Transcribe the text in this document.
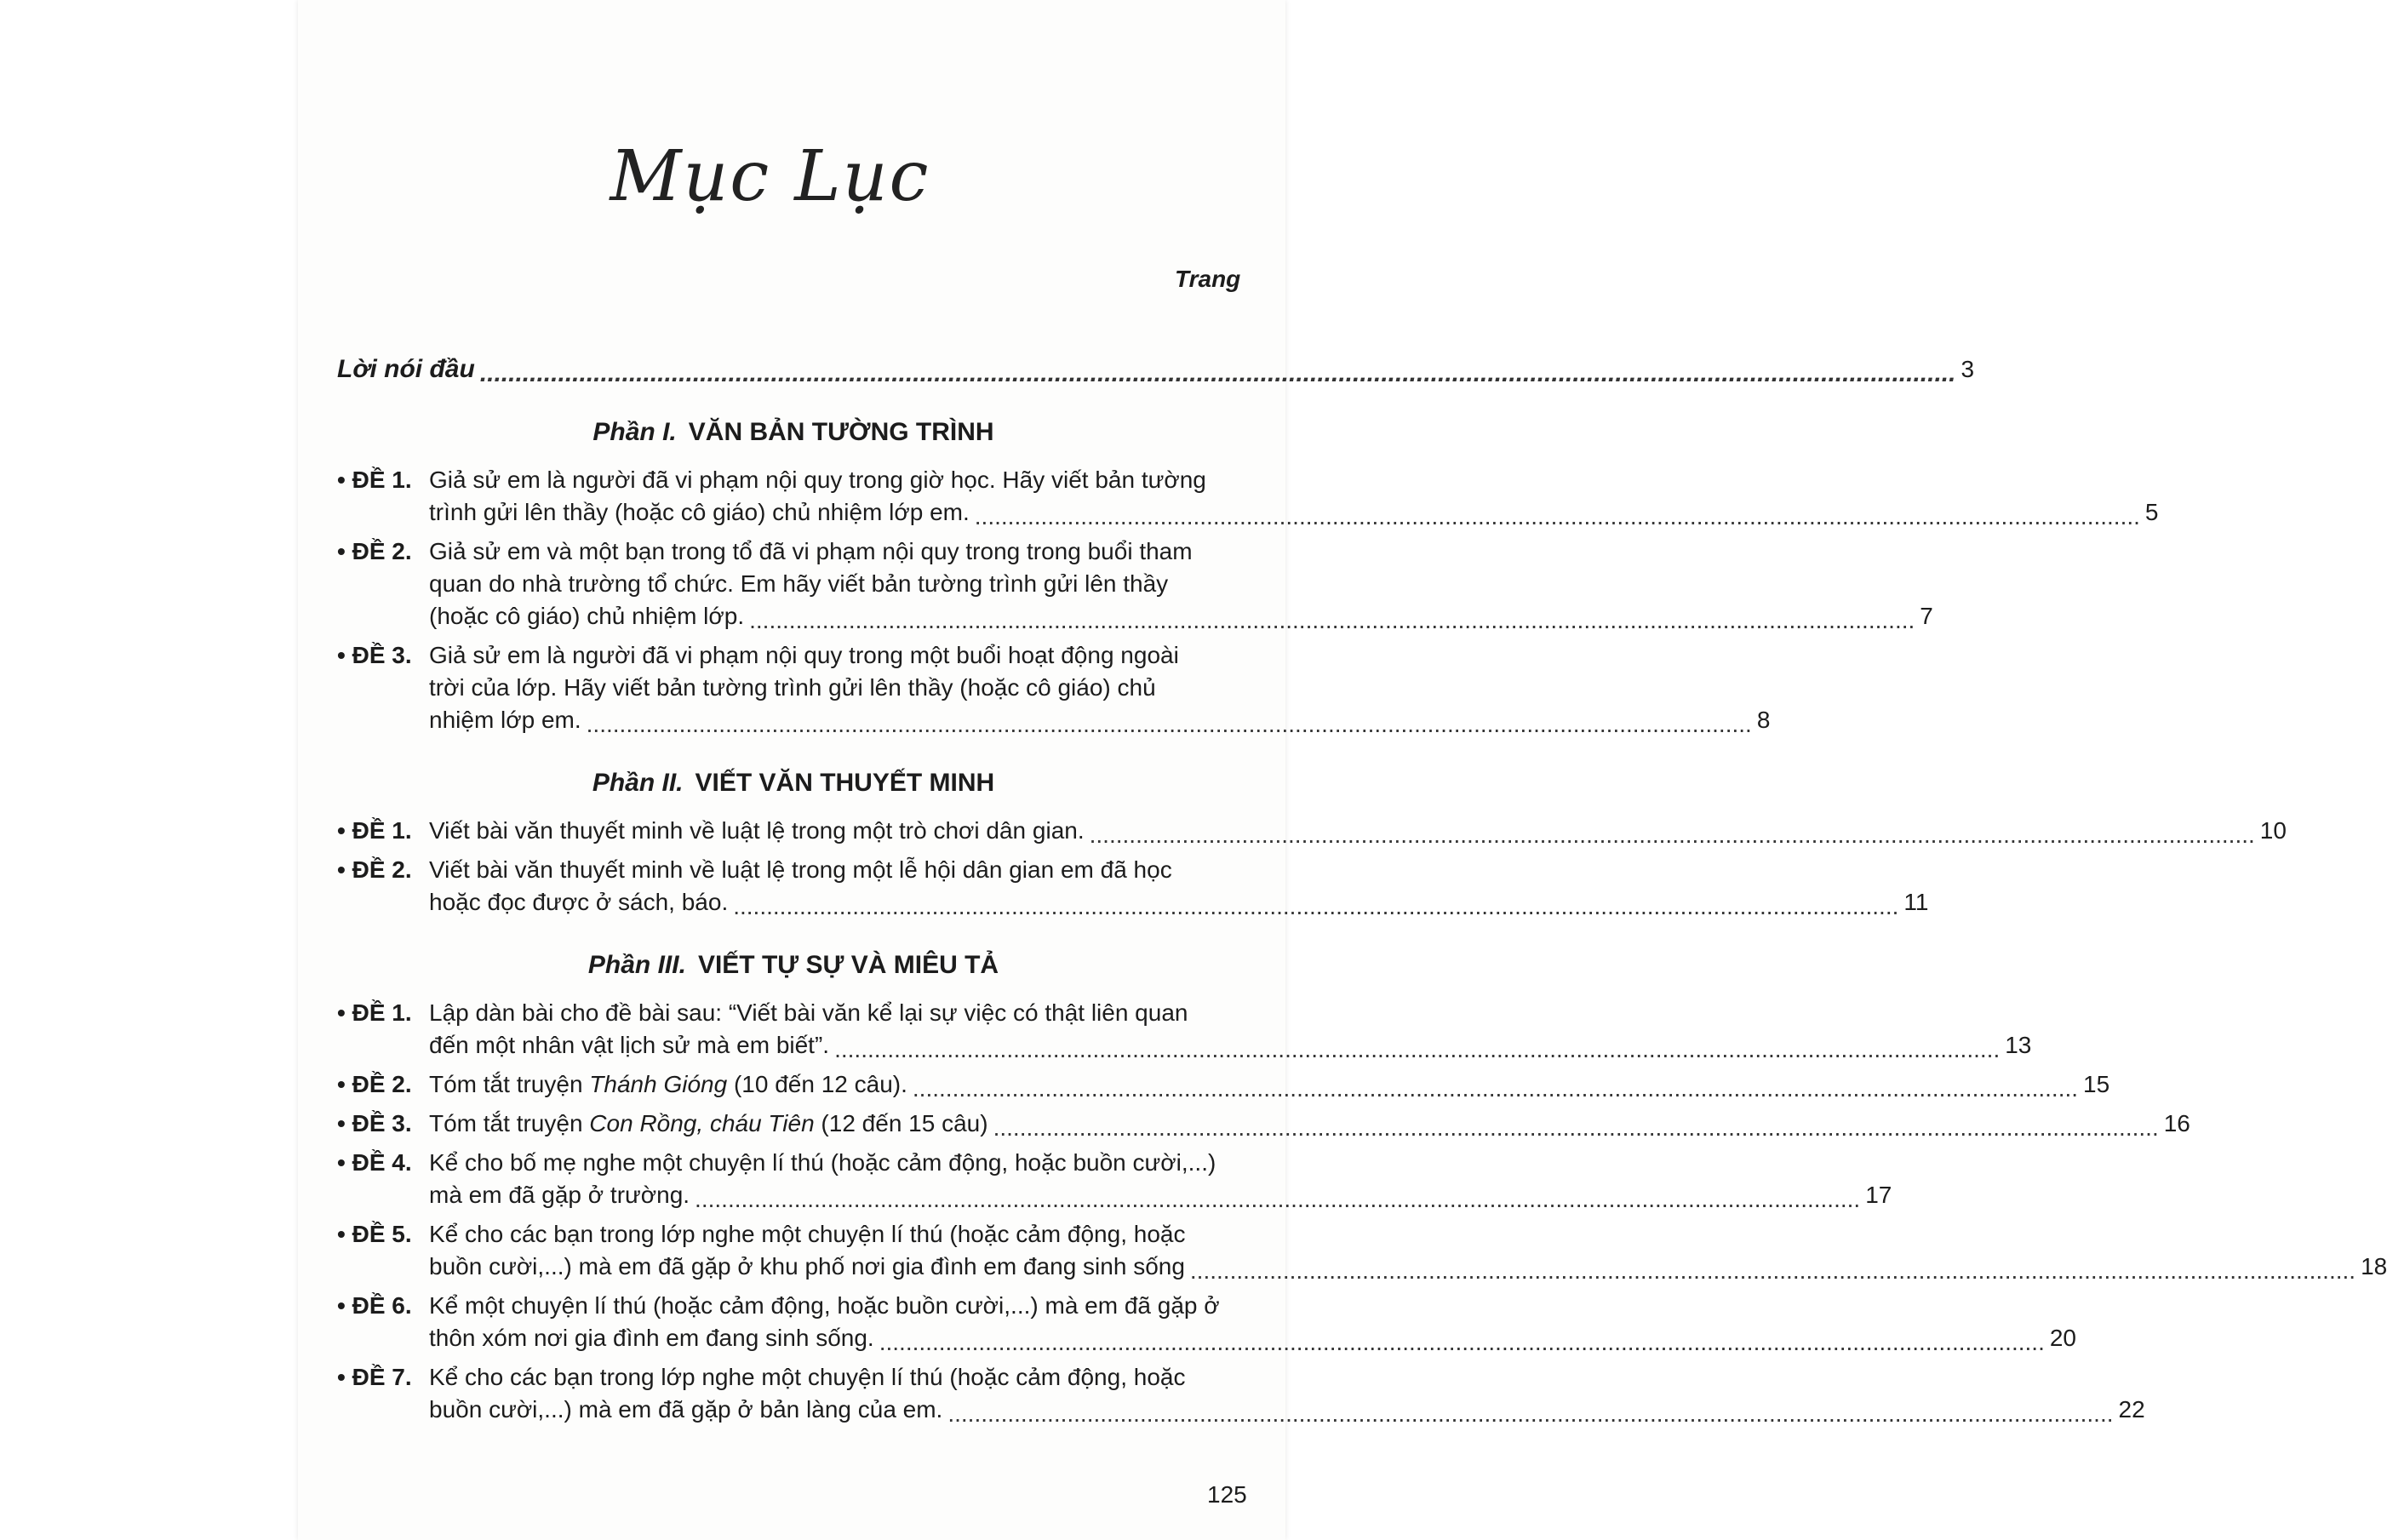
Mục Lục
Trang
Lời nói đầu ................................................................................................................................................................................................................ 3
Phần I. VĂN BẢN TƯỜNG TRÌNH
• ĐỀ 1. Giả sử em là người đã vi phạm nội quy trong giờ học. Hãy viết bản tường
trình gửi lên thầy (hoặc cô giáo) chủ nhiệm lớp em. ................................................................................................................................................................................ 5
• ĐỀ 2. Giả sử em và một bạn trong tổ đã vi phạm nội quy trong trong buổi tham
quan do nhà trường tổ chức. Em hãy viết bản tường trình gửi lên thầy
(hoặc cô giáo) chủ nhiệm lớp. ................................................................................................................................................................................ 7
• ĐỀ 3. Giả sử em là người đã vi phạm nội quy trong một buổi hoạt động ngoài
trời của lớp. Hãy viết bản tường trình gửi lên thầy (hoặc cô giáo) chủ
nhiệm lớp em. ................................................................................................................................................................................ 8
Phần II. VIẾT VĂN THUYẾT MINH
• ĐỀ 1. Viết bài văn thuyết minh về luật lệ trong một trò chơi dân gian. ................................................................................................................................................................................ 10
• ĐỀ 2. Viết bài văn thuyết minh về luật lệ trong một lễ hội dân gian em đã học
hoặc đọc được ở sách, báo. ................................................................................................................................................................................ 11
Phần III. VIẾT TỰ SỰ VÀ MIÊU TẢ
• ĐỀ 1. Lập dàn bài cho đề bài sau: “Viết bài văn kể lại sự việc có thật liên quan
đến một nhân vật lịch sử mà em biết”. ................................................................................................................................................................................ 13
• ĐỀ 2. Tóm tắt truyện Thánh Gióng (10 đến 12 câu). ................................................................................................................................................................................ 15
• ĐỀ 3. Tóm tắt truyện Con Rồng, cháu Tiên (12 đến 15 câu) ................................................................................................................................................................................ 16
• ĐỀ 4. Kể cho bố mẹ nghe một chuyện lí thú (hoặc cảm động, hoặc buồn cười,...)
mà em đã gặp ở trường. ................................................................................................................................................................................ 17
• ĐỀ 5. Kể cho các bạn trong lớp nghe một chuyện lí thú (hoặc cảm động, hoặc
buồn cười,...) mà em đã gặp ở khu phố nơi gia đình em đang sinh sống ................................................................................................................................................................................ 18
• ĐỀ 6. Kể một chuyện lí thú (hoặc cảm động, hoặc buồn cười,...) mà em đã gặp ở
thôn xóm nơi gia đình em đang sinh sống. ................................................................................................................................................................................ 20
• ĐỀ 7. Kể cho các bạn trong lớp nghe một chuyện lí thú (hoặc cảm động, hoặc
buồn cười,...) mà em đã gặp ở bản làng của em. ................................................................................................................................................................................ 22
125
